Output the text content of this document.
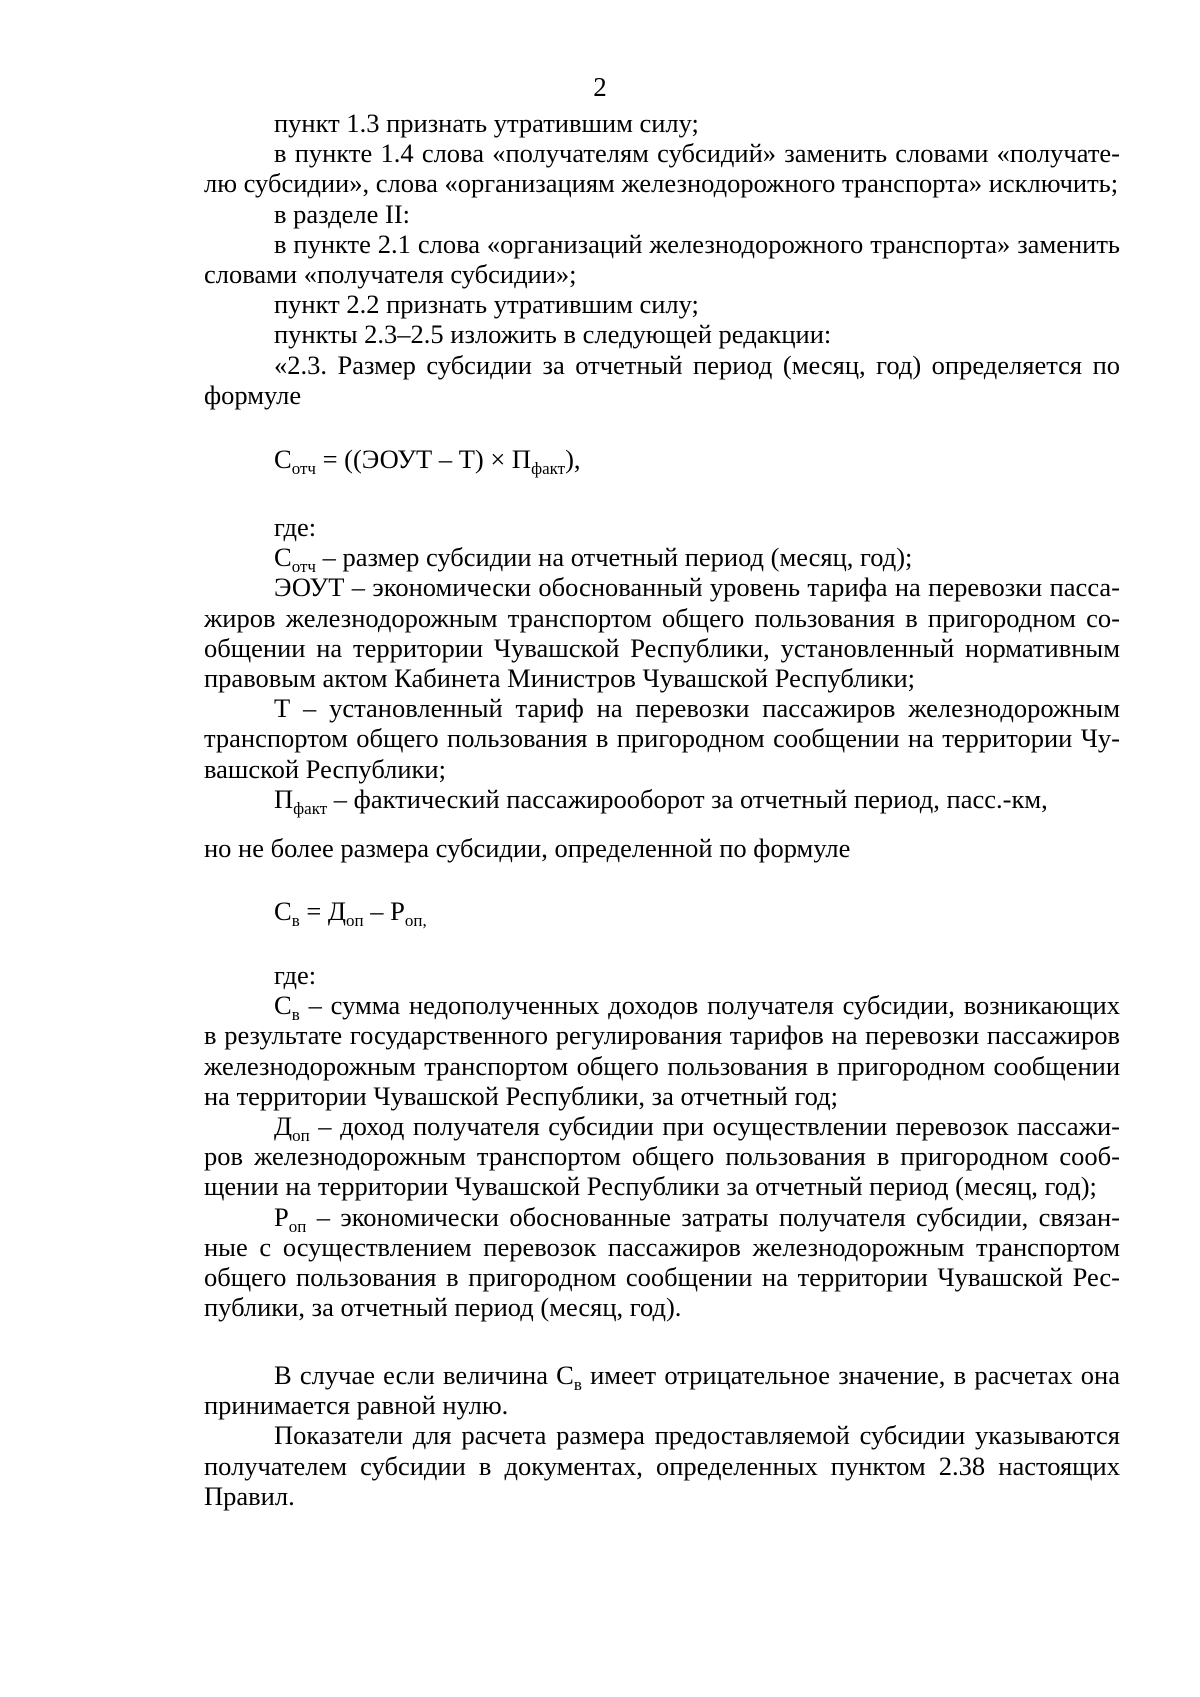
2

пункт 1.3 признать утратившим силу;

в пункте 1.4 слова «получателям субсидий» заменить словами «получателю субсидии», слова «организациям железнодорожного транспорта» исключить;

в разделе II:

в пункте 2.1 слова «организаций железнодорожного транспорта» заменить словами «получателя субсидии»;

пункт 2.2 признать утратившим силу;

пункты 2.3–2.5 изложить в следующей редакции:

«2.3. Размер субсидии за отчетный период (месяц, год) определяется по формуле

$С_{отч}$ = ((ЭОУТ – $Т) \times П_{факт}$),

где:

$С_{отч}$ – размер субсидии на отчетный период (месяц, год);

ЭОУТ – экономически обоснованный уровень тарифа на перевозки пассажиров железнодорожным транспортом общего пользования в пригородном сообщении на территории Чувашской Республики, установленный нормативным правовым актом Кабинета Министров Чувашской Республики;

Т – установленный тариф на перевозки пассажиров железнодорожным транспортом общего пользования в пригородном сообщении на территории Чувашской Республики;

$П_{факт}$ – фактический пассажирооборот за отчетный период, пасс.-км,

но не более размера субсидии, определенной по формуле

$С_в = Д_{оп} - Р_{оп,}$

где:

$С_в$ – сумма недополученных доходов получателя субсидии, возникающих в результате государственного регулирования тарифов на перевозки пассажиров железнодорожным транспортом общего пользования в пригородном сообщении на территории Чувашской Республики, за отчетный год;

$Д_{оп}$ – доход получателя субсидии при осуществлении перевозок пассажиров железнодорожным транспортом общего пользования в пригородном сообщении на территории Чувашской Республики за отчетный период (месяц, год);

$Р_{оп}$ – экономически обоснованные затраты получателя субсидии, связанные с осуществлением перевозок пассажиров железнодорожным транспортом общего пользования в пригородном сообщении на территории Чувашской Республики, за отчетный период (месяц, год).

В случае если величина $С_в$ имеет отрицательное значение, в расчетах она принимается равной нулю.

Показатели для расчета размера предоставляемой субсидии указываются получателем субсидии в документах, определенных пунктом 2.38 настоящих Правил.
